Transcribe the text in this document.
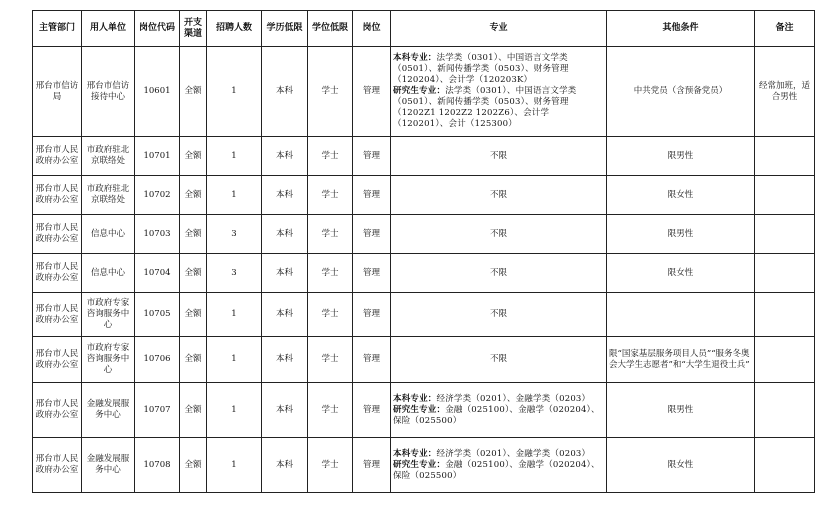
主管部门	用人单位	岗位代码	开支渠道	招聘人数	学历低限	学位低限	岗位	专业	其他条件	备注
邢台市信访局	邢台市信访接待中心	10601	全额	1	本科	学士	管理	本科专业：法学类（0301）、中国语言文学类（0501）、新闻传播学类（0503）、财务管理（120204）、会计学（120203K）
研究生专业：法学类（0301）、中国语言文学类（0501）、新闻传播学类（0503）、财务管理（1202Z1 1202Z2 1202Z6）、会计学（120201）、会计（125300）	中共党员（含预备党员）	经常加班，适合男性
邢台市人民政府办公室	市政府驻北京联络处	10701	全额	1	本科	学士	管理	不限	限男性	
邢台市人民政府办公室	市政府驻北京联络处	10702	全额	1	本科	学士	管理	不限	限女性	
邢台市人民政府办公室	信息中心	10703	全额	3	本科	学士	管理	不限	限男性	
邢台市人民政府办公室	信息中心	10704	全额	3	本科	学士	管理	不限	限女性	
邢台市人民政府办公室	市政府专家咨询服务中心	10705	全额	1	本科	学士	管理	不限		
邢台市人民政府办公室	市政府专家咨询服务中心	10706	全额	1	本科	学士	管理	不限	限“国家基层服务项目人员”“服务冬奥会大学生志愿者”和“大学生退役士兵”	
邢台市人民政府办公室	金融发展服务中心	10707	全额	1	本科	学士	管理	本科专业：经济学类（0201）、金融学类（0203）
研究生专业：金融（025100）、金融学（020204）、保险（025500）	限男性	
邢台市人民政府办公室	金融发展服务中心	10708	全额	1	本科	学士	管理	本科专业：经济学类（0201）、金融学类（0203）
研究生专业：金融（025100）、金融学（020204）、保险（025500）	限女性	
